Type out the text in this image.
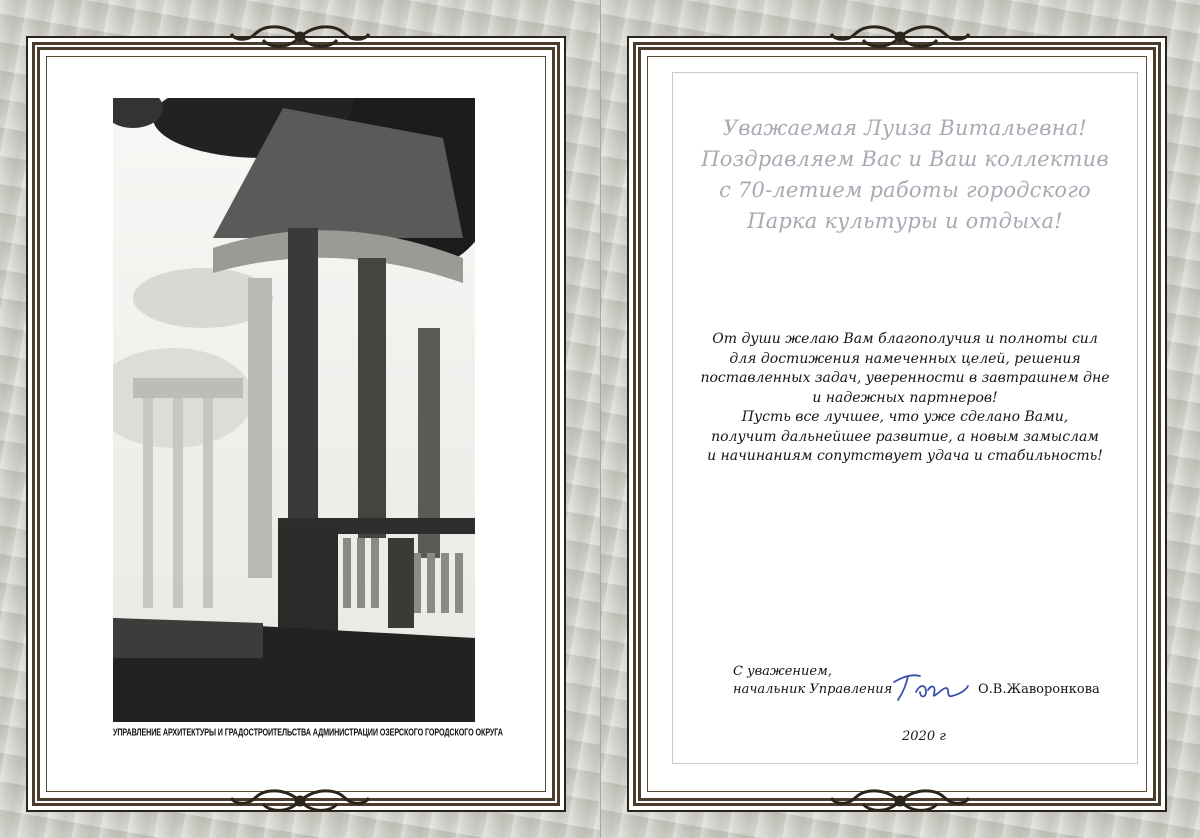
УПРАВЛЕНИЕ АРХИТЕКТУРЫ И ГРАДОСТРОИТЕЛЬСТВА АДМИНИСТРАЦИИ ОЗЕРСКОГО ГОРОДСКОГО ОКРУГА
Уважаемая Луиза Витальевна!
Поздравляем Вас и Ваш коллектив
с 70-летием работы городского
Парка культуры и отдыха!
От души желаю Вам благополучия и полноты сил
для достижения намеченных целей, решения
поставленных задач, уверенности в завтрашнем дне
и надежных партнеров!
Пусть все лучшее, что уже сделано Вами,
получит дальнейшее развитие, а новым замыслам
и начинаниям сопутствует удача и стабильность!
С уважением,
начальник Управления	О.В.Жаворонкова
2020 г
